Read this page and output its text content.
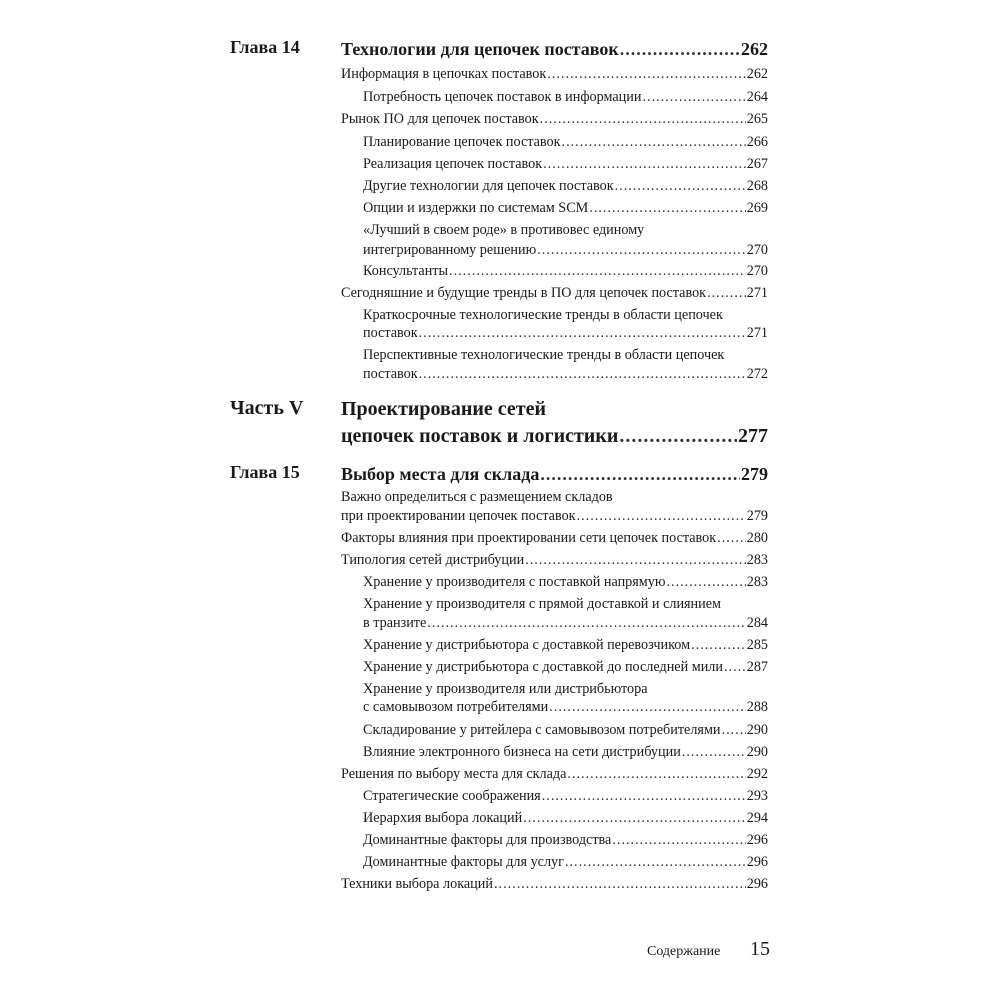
Глава 14 Технологии для цепочек поставок .....	262
Информация в цепочках поставок .....	262
Потребность цепочек поставок в информации .....	264
Рынок ПО для цепочек поставок .....	265
Планирование цепочек поставок .....	266
Реализация цепочек поставок .....	267
Другие технологии для цепочек поставок .....	268
Опции и издержки по системам SCM .....	269
«Лучший в своем роде» в противовес единому
интегрированному решению .....	270
Консультанты .....	270
Сегодняшние и будущие тренды в ПО для цепочек поставок .....	271
Краткосрочные технологические тренды в области цепочек
поставок .....	271
Перспективные технологические тренды в области цепочек
поставок .....	272
Часть V Проектирование сетей
цепочек поставок и логистики .....	277
Глава 15 Выбор места для склада .....	279
Важно определиться с размещением складов
при проектировании цепочек поставок .....	279
Факторы влияния при проектировании сети цепочек поставок ..... 280
Типология сетей дистрибуции .....	283
Хранение у производителя с поставкой напрямую .....	283
Хранение у производителя с прямой доставкой и слиянием
в транзите .....	284
Хранение у дистрибьютора с доставкой перевозчиком .....	285
Хранение у дистрибьютора с доставкой до последней мили ..... 287
Хранение у производителя или дистрибьютора
с самовывозом потребителями .....	288
Складирование у ритейлера с самовывозом потребителями ..... 290
Влияние электронного бизнеса на сети дистрибуции .....	290
Решения по выбору места для склада .....	292
Стратегические соображения .....	293
Иерархия выбора локаций .....	294
Доминантные факторы для производства .....	296
Доминантные факторы для услуг .....	296
Техники выбора локаций .....	296
Содержание 15
